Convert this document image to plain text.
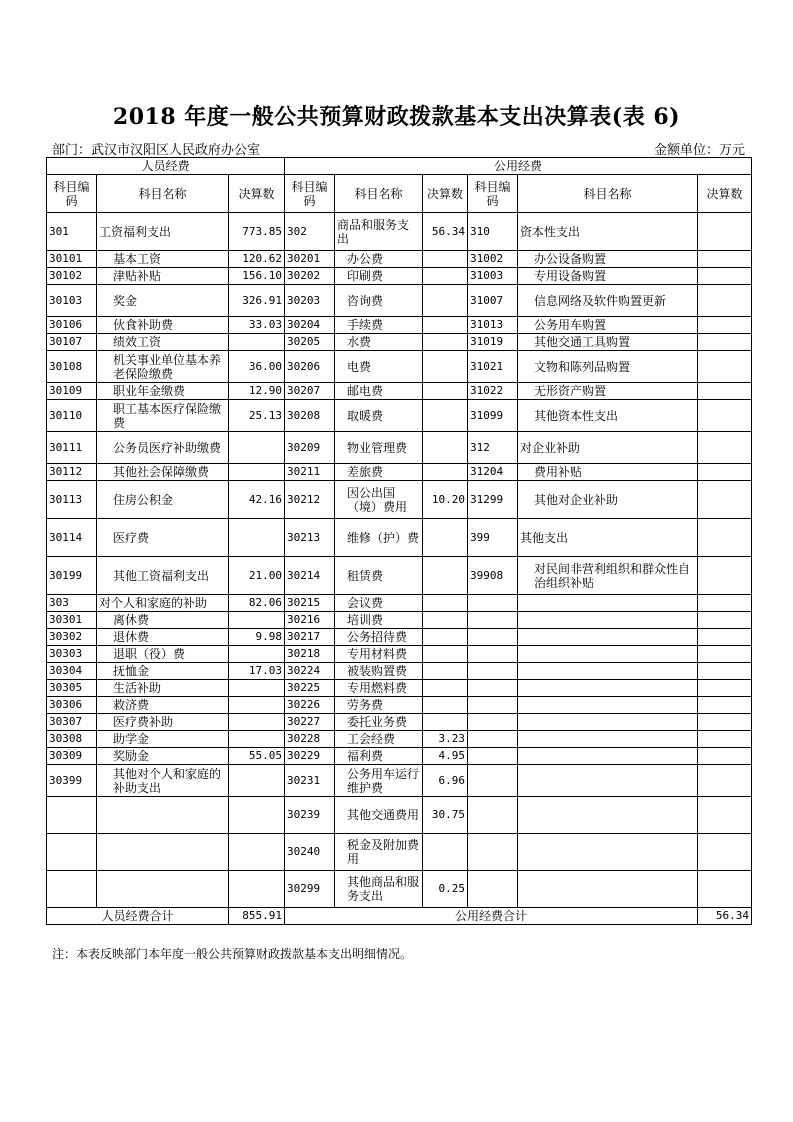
2018 年度一般公共预算财政拨款基本支出决算表(表 6)
部门：武汉市汉阳区人民政府办公室	金额单位：万元
人员经费			公用经费					
科目编码	科目名称	决算数	科目编码	科目名称	决算数	科目编码	科目名称	决算数
301	工资福利支出	773.85	302	商品和服务支出	56.34	310	资本性支出	
30101	基本工资	120.62	30201	办公费		31002	办公设备购置	
30102	津贴补贴	156.10	30202	印刷费		31003	专用设备购置	
30103	奖金	326.91	30203	咨询费		31007	信息网络及软件购置更新	
30106	伙食补助费	33.03	30204	手续费		31013	公务用车购置	
30107	绩效工资		30205	水费		31019	其他交通工具购置	
30108	机关事业单位基本养老保险缴费	36.00	30206	电费		31021	文物和陈列品购置	
30109	职业年金缴费	12.90	30207	邮电费		31022	无形资产购置	
30110	职工基本医疗保险缴费	25.13	30208	取暖费		31099	其他资本性支出	
30111	公务员医疗补助缴费		30209	物业管理费		312	对企业补助	
30112	其他社会保障缴费		30211	差旅费		31204	费用补贴	
30113	住房公积金	42.16	30212	因公出国（境）费用	10.20	31299	其他对企业补助	
30114	医疗费		30213	维修（护）费		399	其他支出	
30199	其他工资福利支出	21.00	30214	租赁费		39908	对民间非营利组织和群众性自治组织补贴	
303	对个人和家庭的补助	82.06	30215	会议费				
30301	离休费		30216	培训费				
30302	退休费	9.98	30217	公务招待费				
30303	退职（役）费		30218	专用材料费				
30304	抚恤金	17.03	30224	被装购置费				
30305	生活补助		30225	专用燃料费				
30306	救济费		30226	劳务费				
30307	医疗费补助		30227	委托业务费				
30308	助学金		30228	工会经费	3.23			
30309	奖励金	55.05	30229	福利费	4.95			
30399	其他对个人和家庭的补助支出		30231	公务用车运行维护费	6.96			
			30239	其他交通费用	30.75			
			30240	税金及附加费用				
			30299	其他商品和服务支出	0.25			
人员经费合计		855.91	公用经费合计					56.34
注：本表反映部门本年度一般公共预算财政拨款基本支出明细情况。
